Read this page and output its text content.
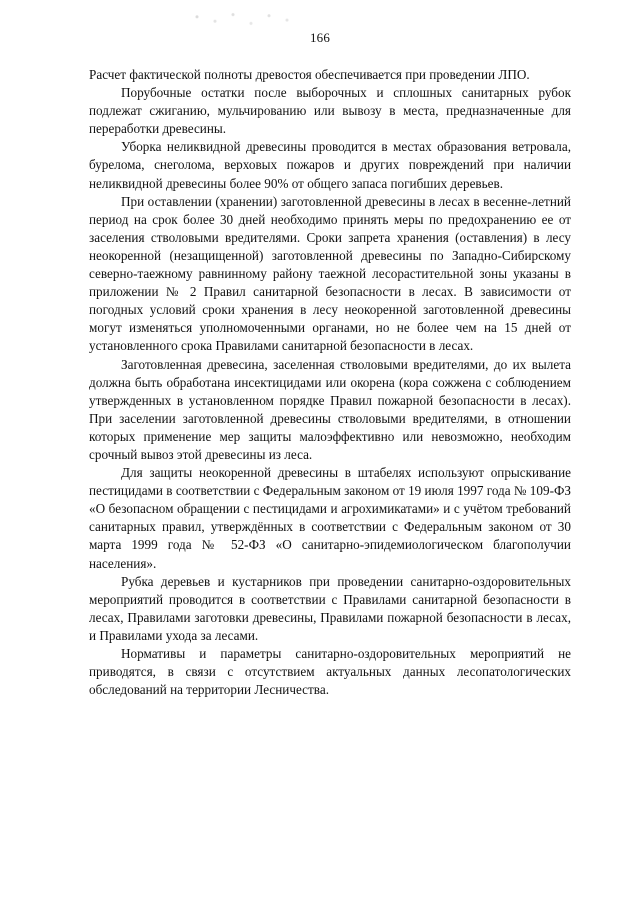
166

Расчет фактической полноты древостоя обеспечивается при проведении ЛПО.

Порубочные остатки после выборочных и сплошных санитарных рубок подлежат сжиганию, мульчированию или вывозу в места, предназначенные для переработки древесины.

Уборка неликвидной древесины проводится в местах образования ветровала, бурелома, снеголома, верховых пожаров и других повреждений при наличии неликвидной древесины более 90% от общего запаса погибших деревьев.

При оставлении (хранении) заготовленной древесины в лесах в весенне-летний период на срок более 30 дней необходимо принять меры по предохранению ее от заселения стволовыми вредителями. Сроки запрета хранения (оставления) в лесу неокоренной (незащищенной) заготовленной древесины по Западно-Сибирскому северно-таежному равнинному району таежной лесорастительной зоны указаны в приложении № 2 Правил санитарной безопасности в лесах. В зависимости от погодных условий сроки хранения в лесу неокоренной заготовленной древесины могут изменяться уполномоченными органами, но не более чем на 15 дней от установленного срока Правилами санитарной безопасности в лесах.

Заготовленная древесина, заселенная стволовыми вредителями, до их вылета должна быть обработана инсектицидами или окорена (кора сожжена с соблюдением утвержденных в установленном порядке Правил пожарной безопасности в лесах). При заселении заготовленной древесины стволовыми вредителями, в отношении которых применение мер защиты малоэффективно или невозможно, необходим срочный вывоз этой древесины из леса.

Для защиты неокоренной древесины в штабелях используют опрыскивание пестицидами в соответствии с Федеральным законом от 19 июля 1997 года № 109-ФЗ «О безопасном обращении с пестицидами и агрохимикатами» и с учётом требований санитарных правил, утверждённых в соответствии с Федеральным законом от 30 марта 1999 года № 52-ФЗ «О санитарно-эпидемиологическом благополучии населения».

Рубка деревьев и кустарников при проведении санитарно-оздоровительных мероприятий проводится в соответствии с Правилами санитарной безопасности в лесах, Правилами заготовки древесины, Правилами пожарной безопасности в лесах, и Правилами ухода за лесами.

Нормативы и параметры санитарно-оздоровительных мероприятий не приводятся, в связи с отсутствием актуальных данных лесопатологических обследований на территории Лесничества.
